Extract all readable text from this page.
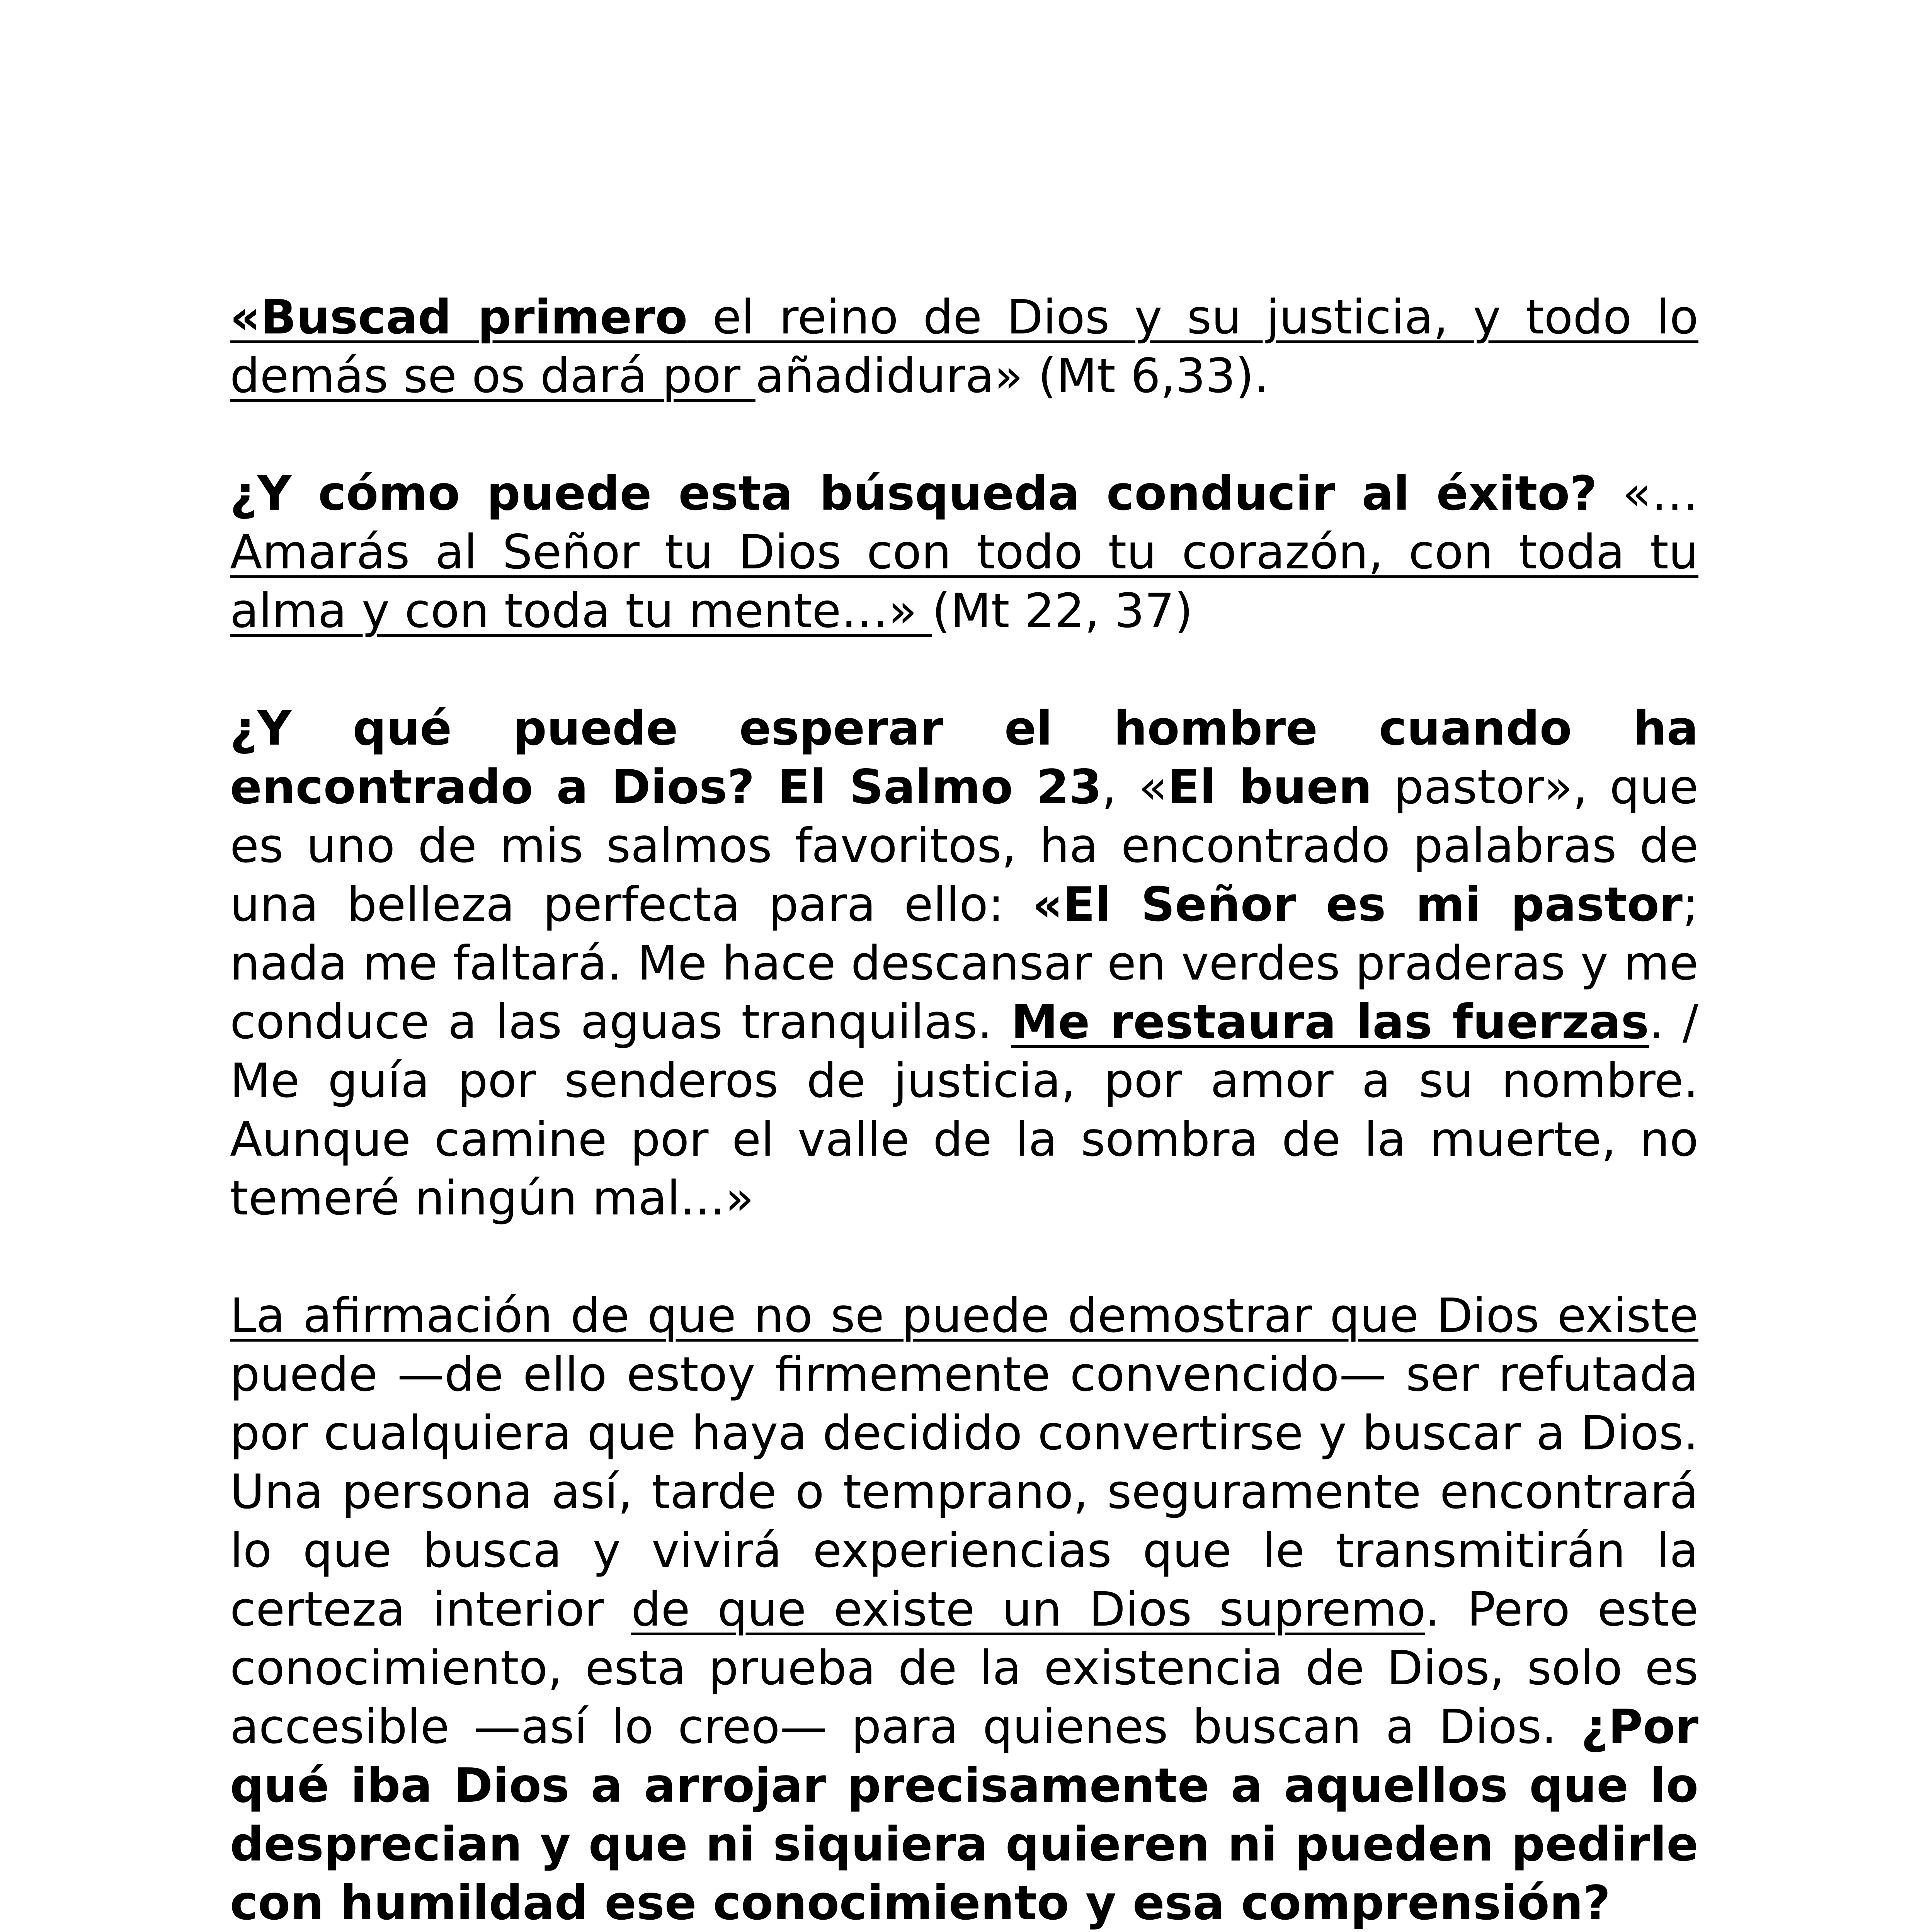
«Buscad primero el reino de Dios y su justicia, y todo lo demás se os dará por añadidura» (Mt 6,33).

¿Y cómo puede esta búsqueda conducir al éxito? «… Amarás al Señor tu Dios con todo tu corazón, con toda tu alma y con toda tu mente…» (Mt 22, 37)

¿Y qué puede esperar el hombre cuando ha encontrado a Dios? El Salmo 23, «El buen pastor», que es uno de mis salmos favoritos, ha encontrado palabras de una belleza perfecta para ello: «El Señor es mi pastor; nada me faltará. Me hace descansar en verdes praderas y me conduce a las aguas tranquilas. Me restaura las fuerzas. / Me guía por senderos de justicia, por amor a su nombre. Aunque camine por el valle de la sombra de la muerte, no temeré ningún mal...»

La afirmación de que no se puede demostrar que Dios existe puede —de ello estoy firmemente convencido— ser refutada por cualquiera que haya decidido convertirse y buscar a Dios. Una persona así, tarde o temprano, seguramente encontrará lo que busca y vivirá experiencias que le transmitirán la certeza interior de que existe un Dios supremo. Pero este conocimiento, esta prueba de la existencia de Dios, solo es accesible —así lo creo— para quienes buscan a Dios. ¿Por qué iba Dios a arrojar precisamente a aquellos que lo desprecian y que ni siquiera quieren ni pueden pedirle con humildad ese conocimiento y esa comprensión?
